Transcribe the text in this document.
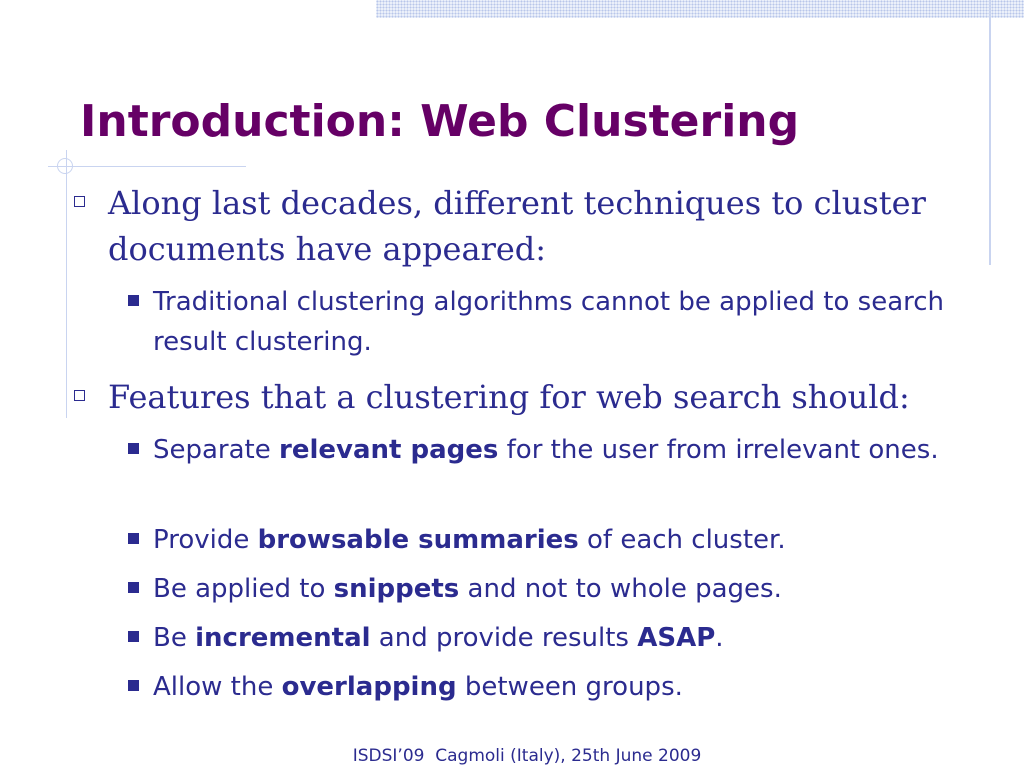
Introduction: Web Clustering
Along last decades, different techniques to cluster documents have appeared:
Traditional clustering algorithms cannot be applied to search result clustering.
Features that a clustering for web search should:
Separate relevant pages for the user from irrelevant ones.
Provide browsable summaries of each cluster.
Be applied to snippets and not to whole pages.
Be incremental and provide results ASAP.
Allow the overlapping between groups.
ISDSI’09  Cagmoli (Italy), 25th June 2009
